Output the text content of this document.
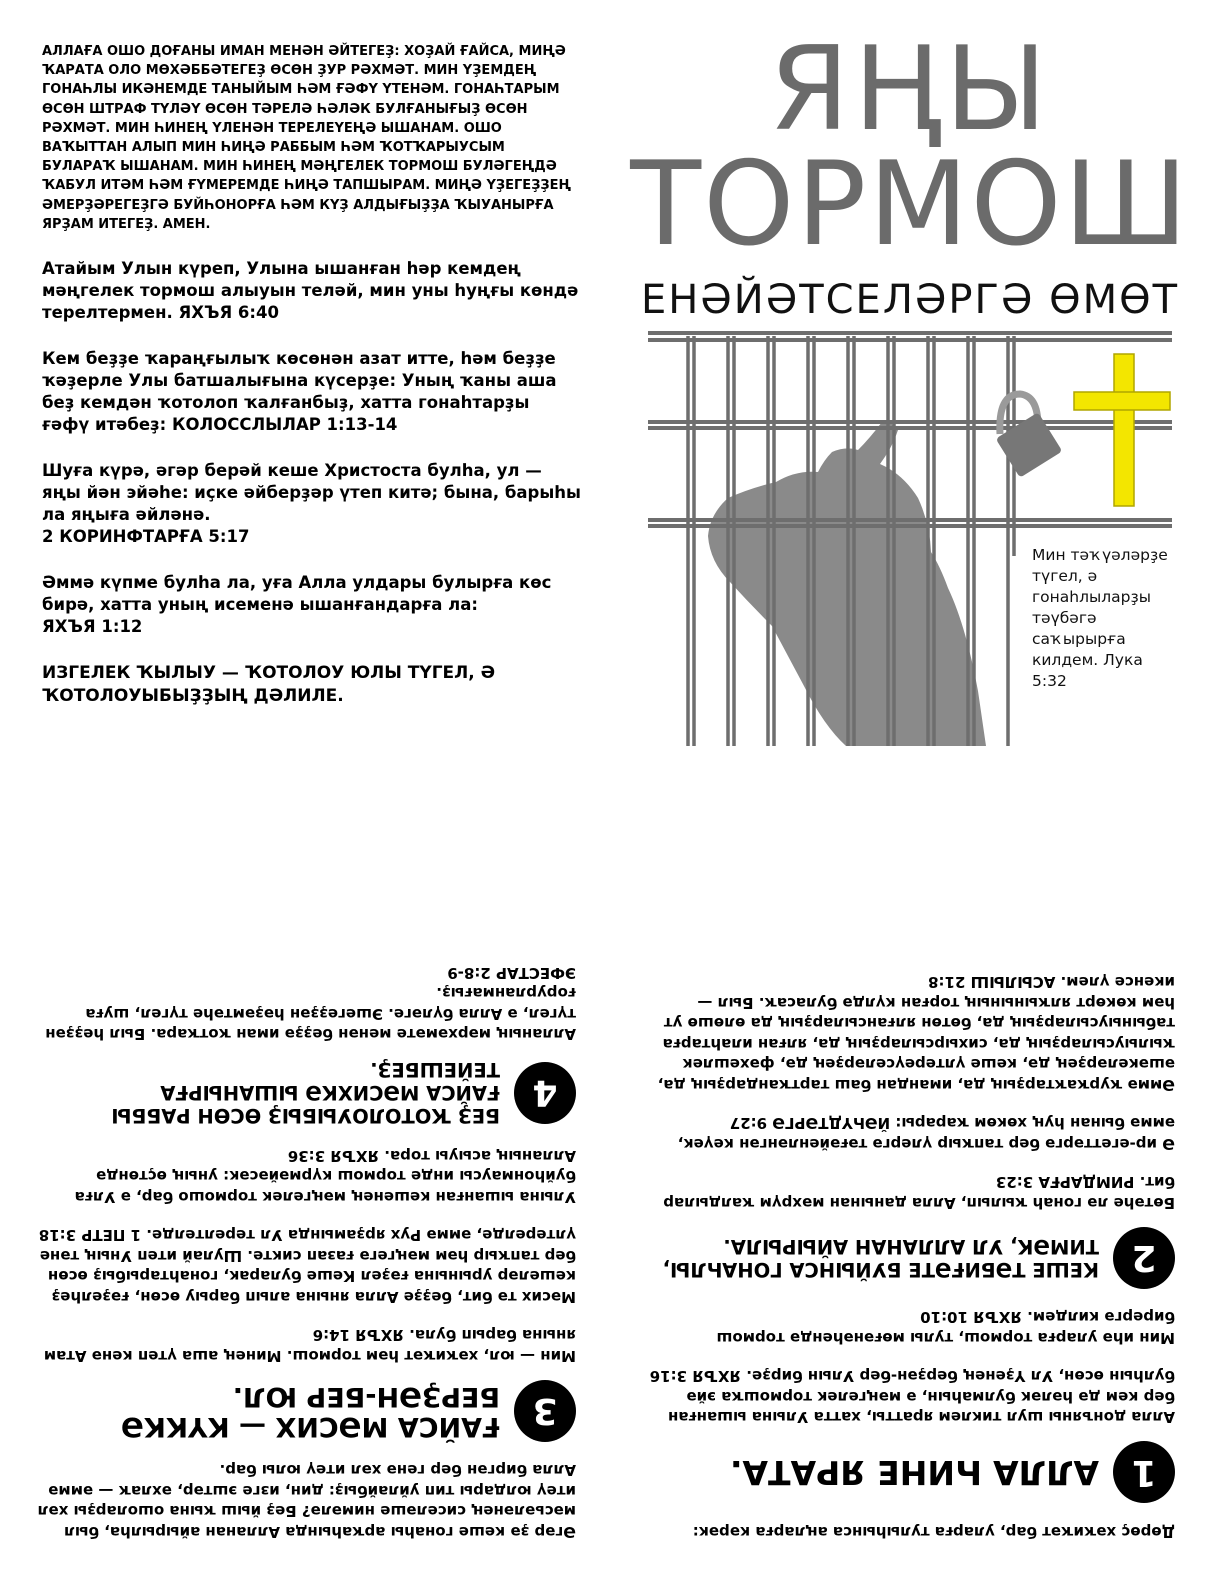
АЛЛАҒА ОШО ДОҒАНЫ ИМАН МЕНӘН ӘЙТЕГЕҘ: ХОҘАЙ ҒАЙСА, МИҢӘ ҠАРАТА ОЛО МӨХӘББӘТЕГЕҘ ӨСӨН ҘУР РӘХМӘТ. МИН ҮҘЕМДЕҢ ГОНАҺЛЫ ИКӘНЕМДЕ ТАНЫЙЫМ ҺӘМ ҒӘФҮ ҮТЕНӘМ. ГОНАҺТАРЫМ ӨСӨН ШТРАФ ТҮЛӘҮ ӨСӨН ТӘРЕЛӘ ҺӘЛӘК БУЛҒАНЫҒЫҘ ӨСӨН РӘХМӘТ. МИН ҺИНЕҢ ҮЛЕНӘН ТЕРЕЛЕҮЕҢӘ ЫШАНАМ. ОШО ВАҠЫТТАН АЛЫП МИН ҺИҢӘ РАББЫМ ҺӘМ ҠОТҠАРЫУСЫМ БУЛАРАҠ ЫШАНАМ. МИН ҺИНЕҢ МӘҢГЕЛЕК ТОРМОШ БУЛӘГЕҢДӘ ҠАБУЛ ИТӘМ ҺӘМ ҒҮМЕРЕМДЕ ҺИҢӘ ТАПШЫРАМ. МИҢӘ ҮҘЕГЕҘҘЕҢ ӘМЕРҘӘРЕГЕҘГӘ БУЙҺОНОРҒА ҺӘМ КҮҘ АЛДЫҒЫҘҘА ҠЫУАНЫРҒА ЯРҘАМ ИТЕГЕҘ. АМЕН.

Атайым Улын күреп, Улына ышанған һәр кемдең мәңгелек тормош алыуын теләй, мин уны һуңғы көндә терелтермен. ЯХЪЯ 6:40

Кем беҙҙе ҡараңғылыҡ көсөнән азат итте, һәм беҙҙе ҡәҙерле Улы батшалығына күсерҙе: Уның ҡаны аша беҙ кемдән ҡотолоп ҡалғанбыҙ, хатта гонаһтарҙы ғәфү итәбеҙ: КОЛОССЛЫЛАР 1:13-14

Шуға күрә, әгәр берәй кеше Христоста булһа, ул — яңы йән эйәһе: иҫке әйберҙәр үтеп китә; бына, барыһы ла яңыға әйләнә.
2 КОРИНФТАРҒА 5:17

Әммә күпме булһа ла, уға Алла улдары булырға көс бирә, хатта уның исеменә ышанғандарға ла:
ЯХЪЯ 1:12

ИЗГЕЛЕК ҠЫЛЫУ — ҠОТОЛОУ ЮЛЫ ТҮГЕЛ, Ә ҠОТОЛОУЫБЫҘҘЫҢ ДӘЛИЛЕ.

ЯҢЫ
ТОРМОШ
ЕНӘЙӘТСЕЛӘРГӘ ӨМӨТ
Мин тәҡүәләрҙе түгел, ә гонаһлыларҙы тәүбәгә саҡырырға килдем. Лука 5:32

Дөрөҫ хәҡиҡәт бар, уларға тулыһынса аңларға кәрәк:

1
АЛЛА ҺИНЕ ЯРАТА.

Алла донъяны шул тиклем яратты, хатта Улына ышанған бер кем дә һәләк булмаһын, ә мәңгелек тормошҡа эйә булһын өсөн, Ул Үҙенең берҙән-бер Улын бирҙе. ЯХЪЯ 3:16

Мин иһә уларға тормош, тулы мөғәнәһендә тормош бирергә килдем. ЯХЪЯ 10:10

2
КЕШЕ ТӘБИҒӘТЕ БУЙЫНСА ГОНАҺЛЫ, ТИМӘК, УЛ АЛЛАНАН АЙЫРЫЛА.

Бөтәһе лә гонаһ ҡылып, Алла данынан мәхрүм ҡалдылар бит. РИМДАРҒА 3:23

Ә ир-егеттәргә бер тапҡыр үлергә тәғәйенләнгән кеүек, әммә бынан һуң хөкөм ҡарары: ЙӘҺҮДТӘРГӘ 9:27

Әммә ҡурҡаҡтарҙың да, имандан баш тартҡандарҙың да, әшәкеләрҙең дә, кеше үлтереүселәрҙең дә, фәхешлек ҡылыусыларҙың да, сихырсыларҙың да, ялған илаһтарға табыныусыларҙың да, бөтөн ялғансыларҙың да өлөшө ут һәм көкөрт ялҡынының торған күлдә буласаҡ. Был — икенсе үлем. АСЫЛЫШ 21:8

Әгәр ҙә кеше гонаһы арҡаһында Алланан айырылһа, был мәсьәләнең сиселәше нимәлә? Беҙ йыш ҡына ошоларҙы хәл итеү юлдары тип уйлайбыҙ: дин, изге эштәр, әхлаҡ — әммә Алла биргән бер генә хәл итеү юлы бар.

3
ҒАЙСА МӘСИХ — КҮККӘ БЕРҘӘН-БЕР ЮЛ.

Мин — юл, хәҡиҡәт һәм тормош. Минең аша үтеп кенә Атам янына барып була. ЯХЪЯ 14:6

Мәсих тә бит, беҙҙе Алла янына алып барыу өсөн, ғәҙелһеҙ кешеләр урынына ғәҙел Кеше буларак, гонаһтарыбыҙ өсөн бер тапҡыр һәм мәңгегә ғазап сикте. Шулай итеп Уның тәне үлтерелде, әммә Рух ярҙамында Ул терелтелде. 1 ПЕТР 3:18

Улына ышанған кешенең мәңгелек тормошо бар, ә Улға буйһонмаусы инде тормош күрмәйәсәк: уның өҫтөндә Алланың асыуы тора. ЯХЪЯ 3:36

4
БЕҘ ҠОТОЛОУЫБЫҘ ӨСӨН РАББЫ ҒАЙСА МӘСИХКӘ ЫШАНЫРҒА ТЕЙЕШБЕҘ.

Алланың мәрхәмәте менән беҙҙә иман ҡотҡара. Был һеҙҙән түгел, ә Алла бүләге. Эшегеҙҙән һәҙәмтәһе түгел, шуға ғорурланмағыҙ.
ЭФЕСТАР 2:8-9
